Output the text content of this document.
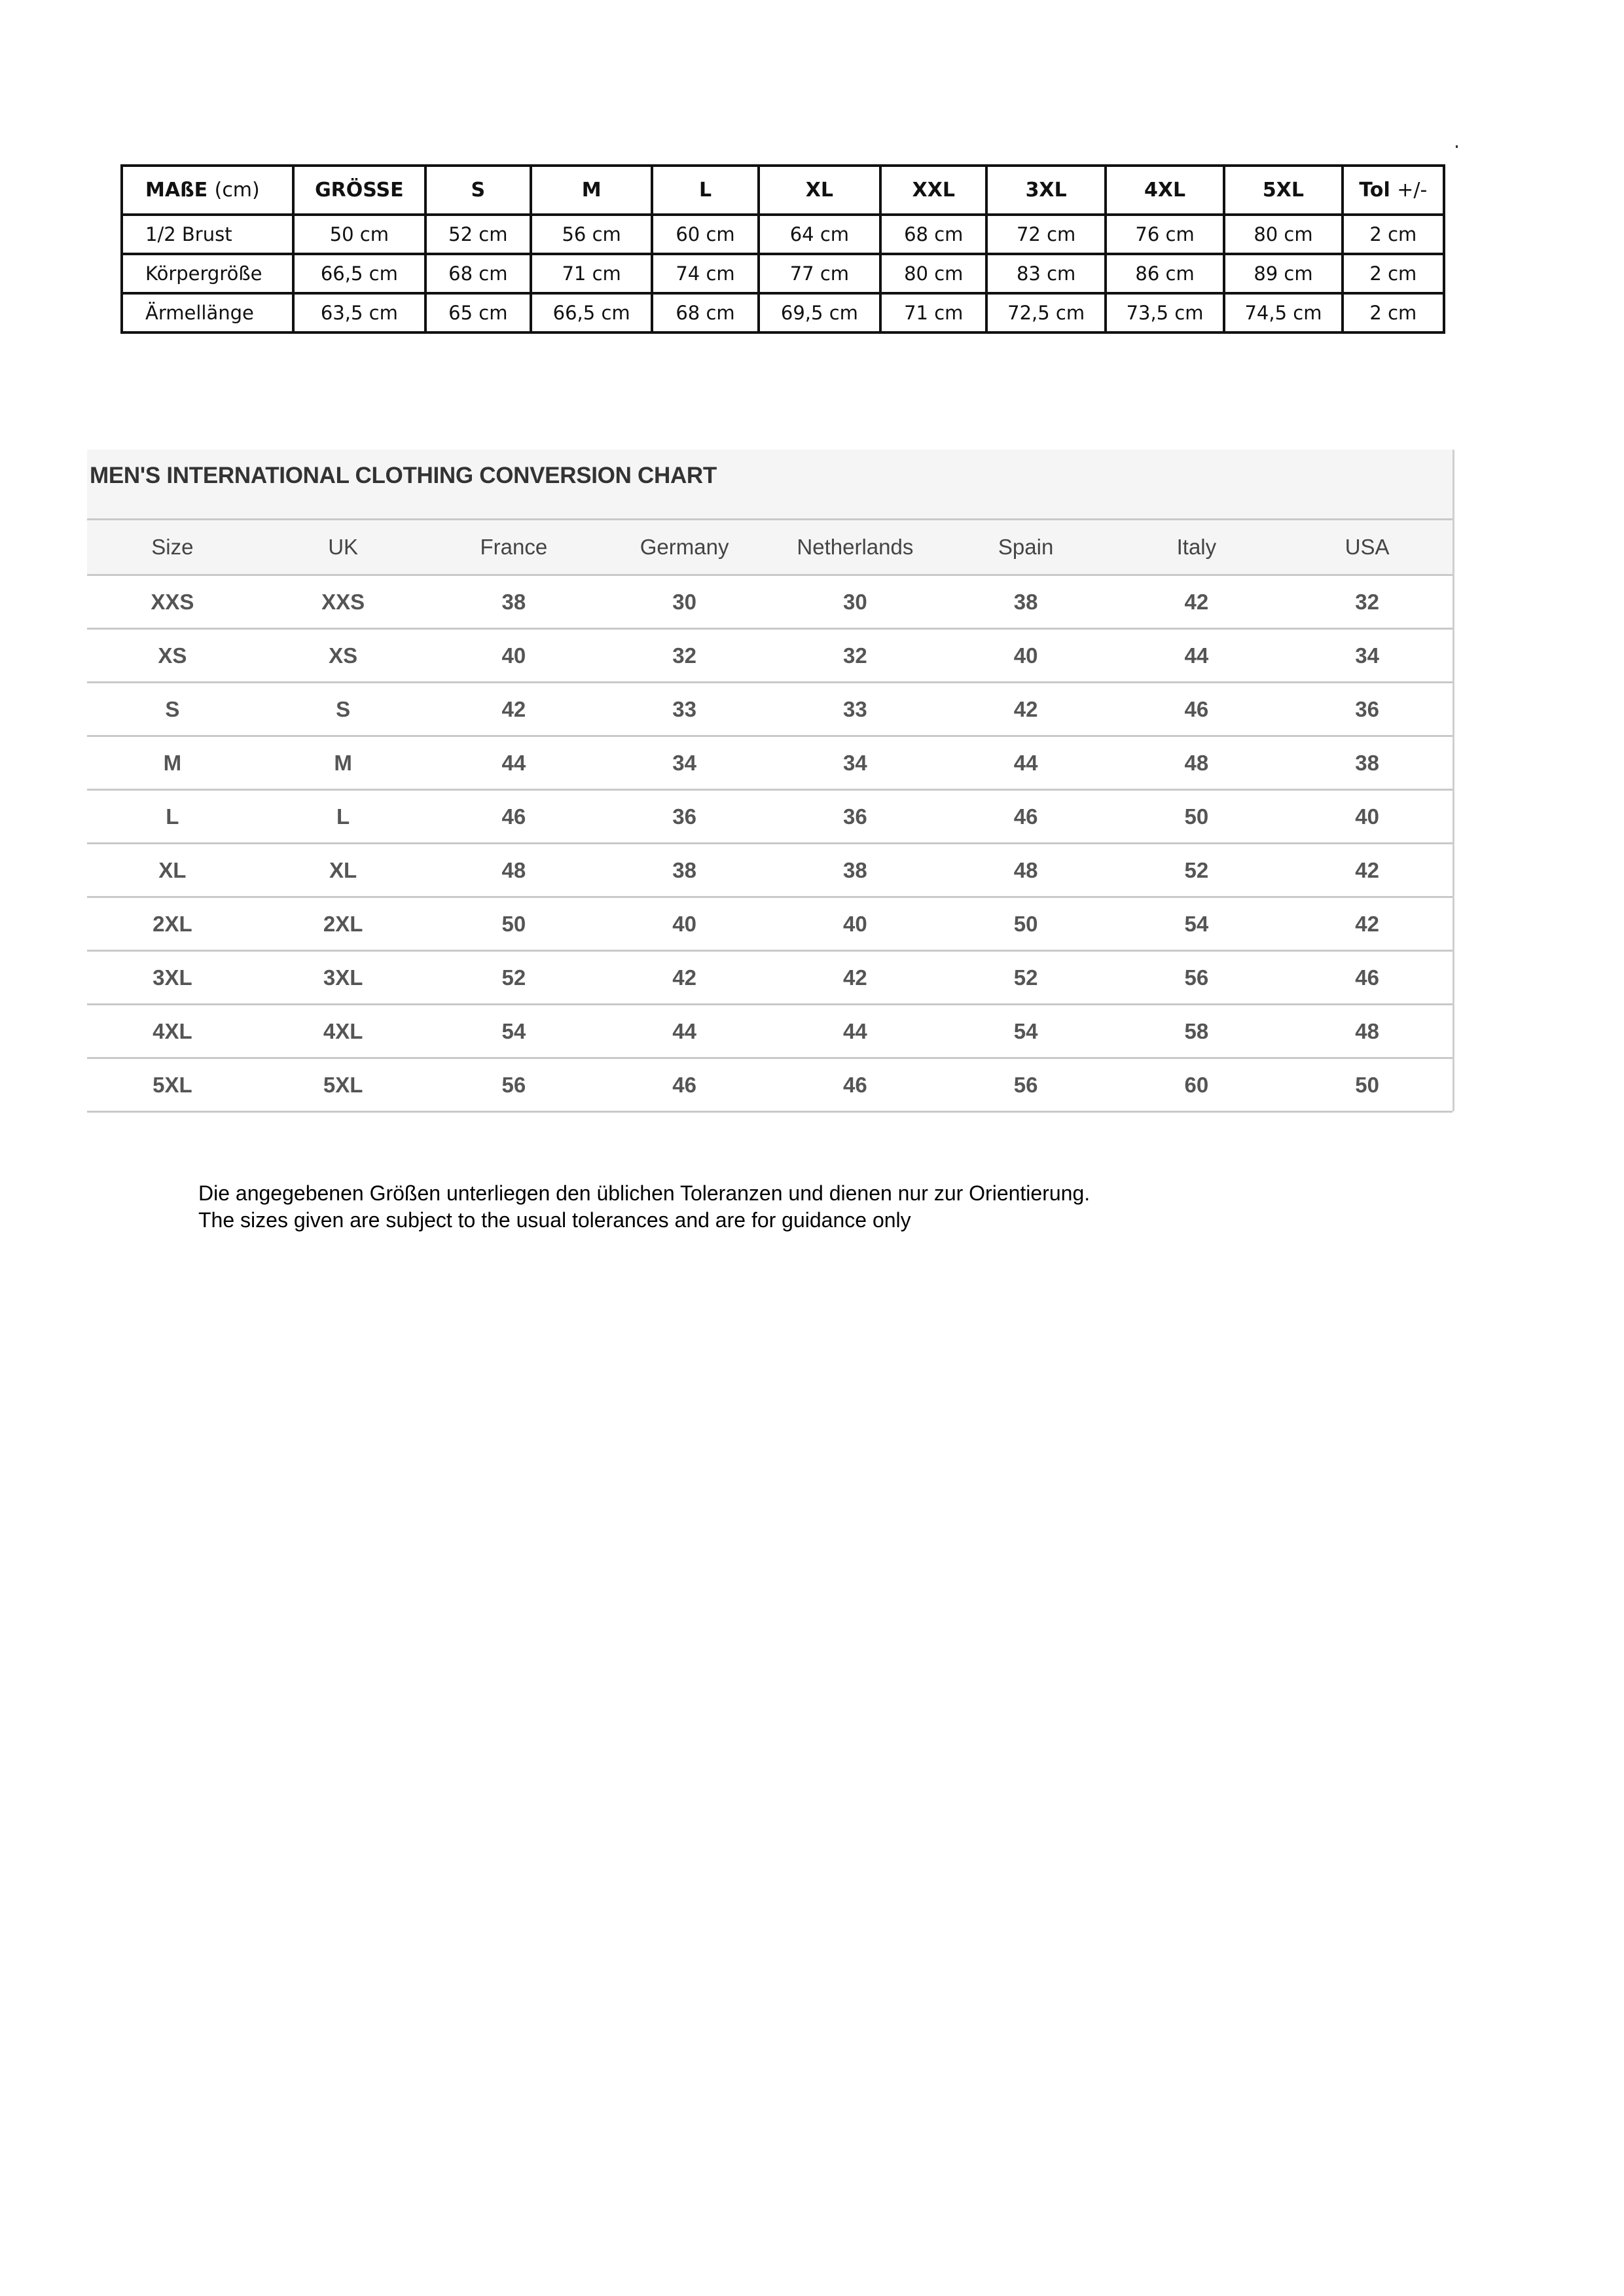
MAßE (cm)	GRÖSSE	S	M	L	XL	XXL	3XL	4XL	5XL	Tol +/-
1/2 Brust	50 cm	52 cm	56 cm	60 cm	64 cm	68 cm	72 cm	76 cm	80 cm	2 cm
Körpergröße	66,5 cm	68 cm	71 cm	74 cm	77 cm	80 cm	83 cm	86 cm	89 cm	2 cm
Ärmellänge	63,5 cm	65 cm	66,5 cm	68 cm	69,5 cm	71 cm	72,5 cm	73,5 cm	74,5 cm	2 cm
MEN'S INTERNATIONAL CLOTHING CONVERSION CHART
Size	UK	France	Germany	Netherlands	Spain	Italy	USA
XXS	XXS	38	30	30	38	42	32
XS	XS	40	32	32	40	44	34
S	S	42	33	33	42	46	36
M	M	44	34	34	44	48	38
L	L	46	36	36	46	50	40
XL	XL	48	38	38	48	52	42
2XL	2XL	50	40	40	50	54	42
3XL	3XL	52	42	42	52	56	46
4XL	4XL	54	44	44	54	58	48
5XL	5XL	56	46	46	56	60	50
Die angegebenen Größen unterliegen den üblichen Toleranzen und dienen nur zur Orientierung.
The sizes given are subject to the usual tolerances and are for guidance only
